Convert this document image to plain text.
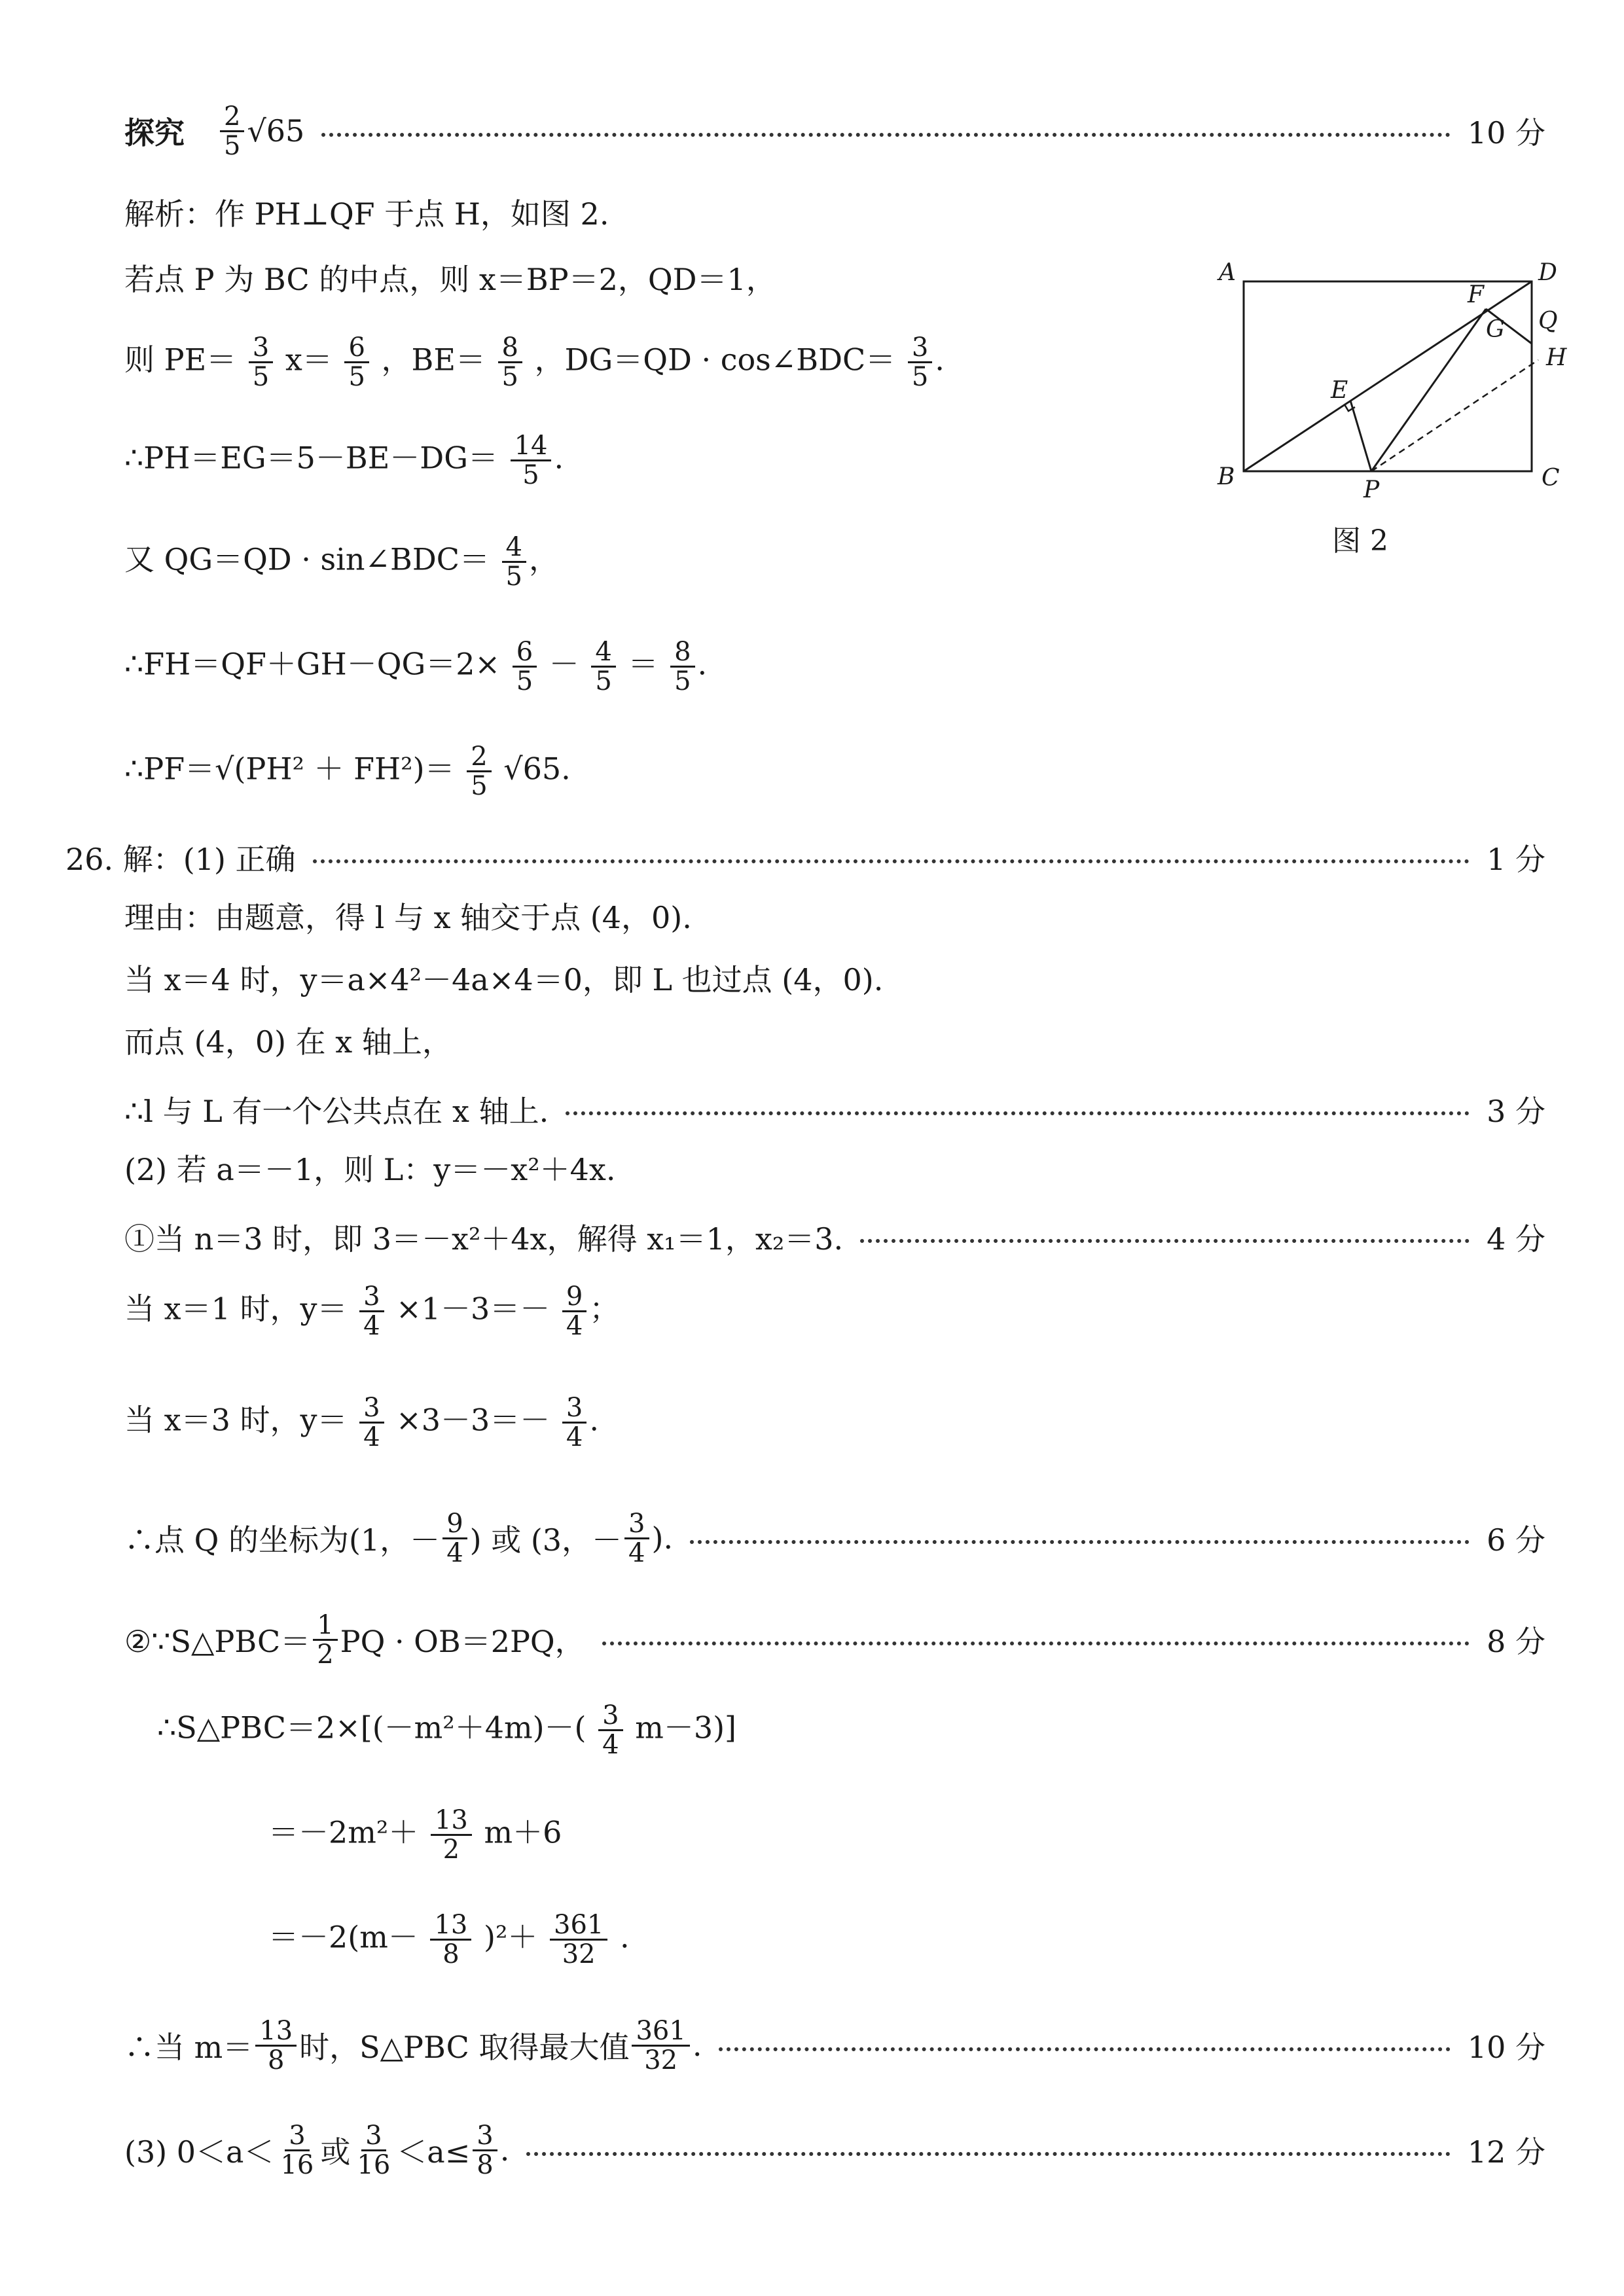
探究 $\frac{2}{5} √65$	10 分
解析：作 PH⊥QF 于点 H，如图 2.
若点 P 为 BC 的中点，则 x＝BP＝2，QD＝1，
则 $PE= \frac{3}{5} x= \frac{6}{5}$ ，$BE= \frac{8}{5}$ ，DG＝QD · cos∠BDC＝ $\frac{3}{5}$ .
∴PH＝EG＝5－BE－DG＝ $\frac{14}{5}$ .
又 QG＝QD · sin∠BDC＝ $\frac{4}{5}$ ，
∴FH＝QF＋GH－QG＝2× $\frac{6}{5} - \frac{4}{5} = \frac{8}{5}$ .
∴PF＝√(PH² ＋ $FH^2)= \frac{2}{5} √65$.
A
B	C
D
E
F
G Q
H
P
图 2
26. 解：(1) 正确	1 分
理由：由题意，得 l 与 x 轴交于点 (4，0).
当 x＝4 时，y＝a×4²－4a×4＝0，即 L 也过点 (4，0).
而点 (4，0) 在 x 轴上，
∴l 与 L 有一个公共点在 x 轴上.	3 分
(2) 若 a＝－1，则 L：y＝－x²＋4x.
①当 n＝3 时，即 3＝－x²＋4x，解得 x₁＝1，x₂＝3.	4 分
当 x＝1 时，$y= \frac{3}{4} \times 1-3=- \frac{9}{4}$ ；
当 x＝3 时，$y= \frac{3}{4} \times 3-3=- \frac{3}{4}$ .
∴点 Q 的坐标为 (1，－ $\frac{9}{4}$ ) 或 (3，－ $\frac{3}{4}$ ).	6 分
②∵S△PBC＝ $\frac{1}{2}$ PQ · OB＝2PQ，	8 分
∴S△PBC＝2×[(－m²＋4m)－( $\frac{3}{4} m-3$)]
$=-2m^2+ \frac{13}{2} m+6$
$=-2(m- \frac{13}{8} )^2+ \frac{361}{32}$ .
∴当 $m= \frac{13}{8}$ 时，S△PBC 取得最大值 $\frac{361}{32}$ .	10 分
(3) $0<a< \frac{3}{16}$ 或 $\frac{3}{16} <a\le \frac{3}{8}$ .	12 分
